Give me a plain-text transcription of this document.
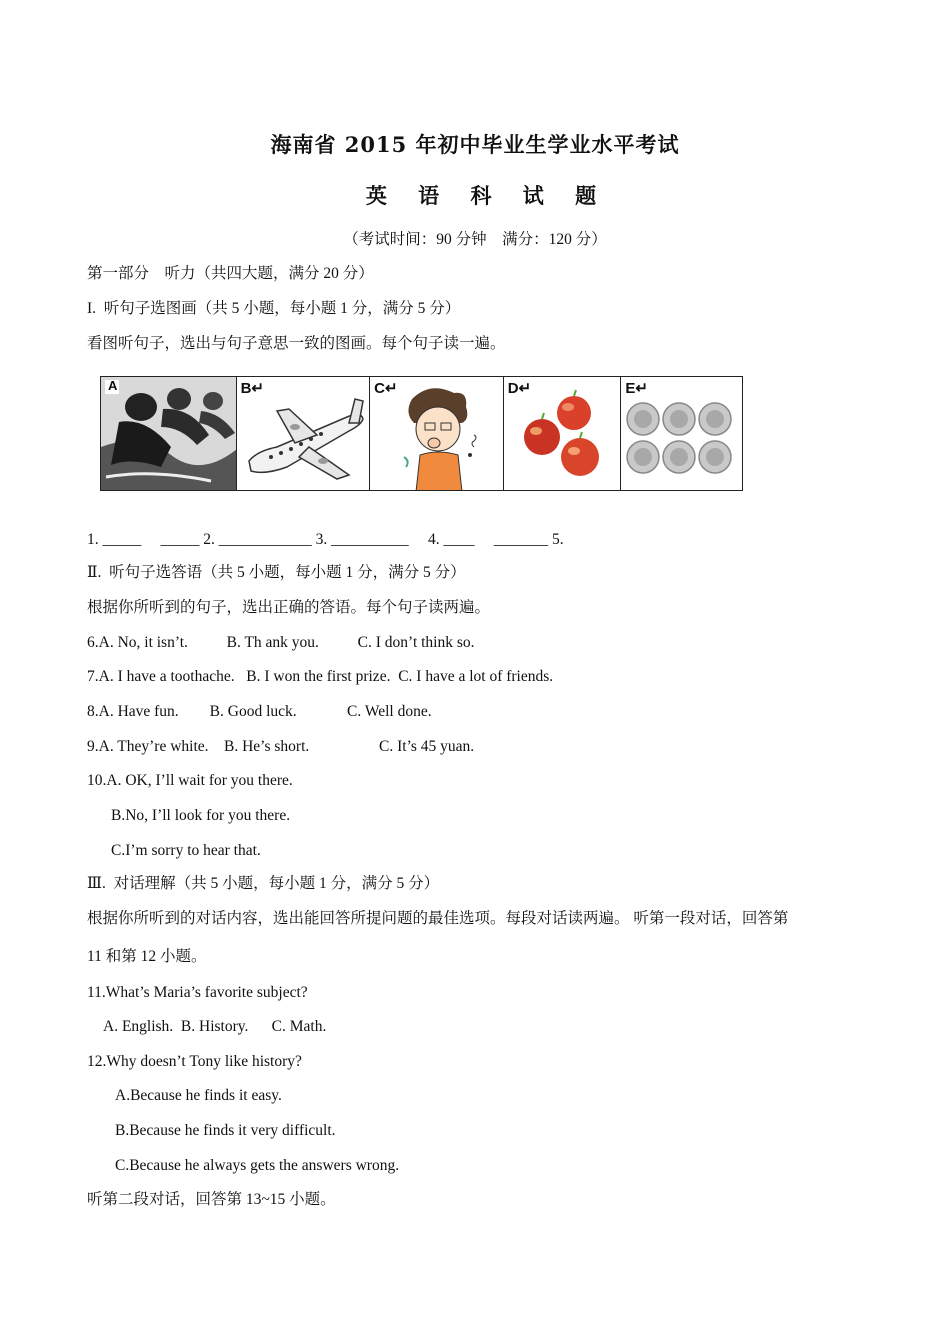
海南省 2015 年初中毕业生学业水平考试
英 语 科 试 题
（考试时间：90 分钟　满分：120 分）
第一部分　听力（共四大题，满分 20 分）
I.  听句子选图画（共 5 小题，每小题 1 分，满分 5 分）
看图听句子，选出与句子意思一致的图画。每个句子读一遍。
A	B↵	C↵	D↵	E↵
1. _____     _____ 2. ____________ 3. __________     4. ____     _______ 5.
Ⅱ.  听句子选答语（共 5 小题，每小题 1 分，满分 5 分）
根据你所听到的句子，选出正确的答语。每个句子读两遍。
6.A. No, it isn’t.          B. Th ank you.          C. I don’t think so.
7.A. I have a toothache.   B. I won the first prize.  C. I have a lot of friends.
8.A. Have fun.        B. Good luck.             C. Well done.
9.A. They’re white.    B. He’s short.                  C. It’s 45 yuan.
10.A. OK, I’ll wait for you there.
B.No, I’ll look for you there.
C.I’m sorry to hear that.
Ⅲ.  对话理解（共 5 小题，每小题 1 分，满分 5 分）
根据你所听到的对话内容，选出能回答所提问题的最佳选项。每段对话读两遍。 听第一段对话，回答第
11 和第 12 小题。
11.What’s Maria’s favorite subject?
A. English.  B. History.      C. Math.
12.Why doesn’t Tony like history?
A.Because he finds it easy.
B.Because he finds it very difficult.
C.Because he always gets the answers wrong.
听第二段对话，回答第 13~15 小题。
